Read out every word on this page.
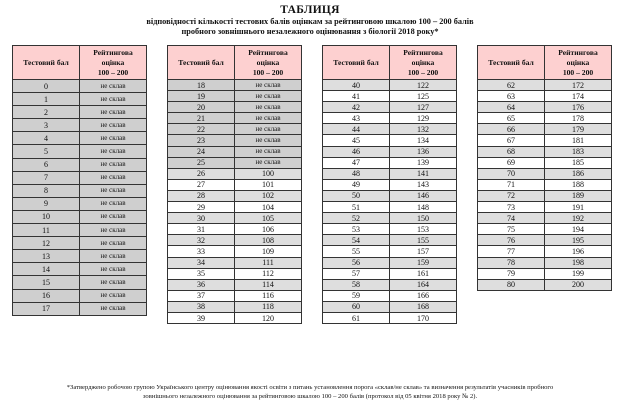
ТАБЛИЦЯ
відповідності кількості тестових балів оцінкам за рейтинговою шкалою 100 – 200 балів
пробного зовнішнього незалежного оцінювання з біології 2018 року*
Тестовий бал	Рейтингова
оцінка
100 – 200
0	не склав
1	не склав
2	не склав
3	не склав
4	не склав
5	не склав
6	не склав
7	не склав
8	не склав
9	не склав
10	не склав
11	не склав
12	не склав
13	не склав
14	не склав
15	не склав
16	не склав
17	не склав
Тестовий бал	Рейтингова
оцінка
100 – 200
18	не склав
19	не склав
20	не склав
21	не склав
22	не склав
23	не склав
24	не склав
25	не склав
26	100
27	101
28	102
29	104
30	105
31	106
32	108
33	109
34	111
35	112
36	114
37	116
38	118
39	120
Тестовий бал	Рейтингова
оцінка
100 – 200
40	122
41	125
42	127
43	129
44	132
45	134
46	136
47	139
48	141
49	143
50	146
51	148
52	150
53	153
54	155
55	157
56	159
57	161
58	164
59	166
60	168
61	170
Тестовий бал	Рейтингова
оцінка
100 – 200
62	172
63	174
64	176
65	178
66	179
67	181
68	183
69	185
70	186
71	188
72	189
73	191
74	192
75	194
76	195
77	196
78	198
79	199
80	200
*Затверджено робочою групою Українського центру оцінювання якості освіти з питань установлення порога «склав/не склав» та визначення результатів учасників пробного
зовнішнього незалежного оцінювання за рейтинговою шкалою 100 – 200 балів (протокол від 05 квітня 2018 року № 2).
